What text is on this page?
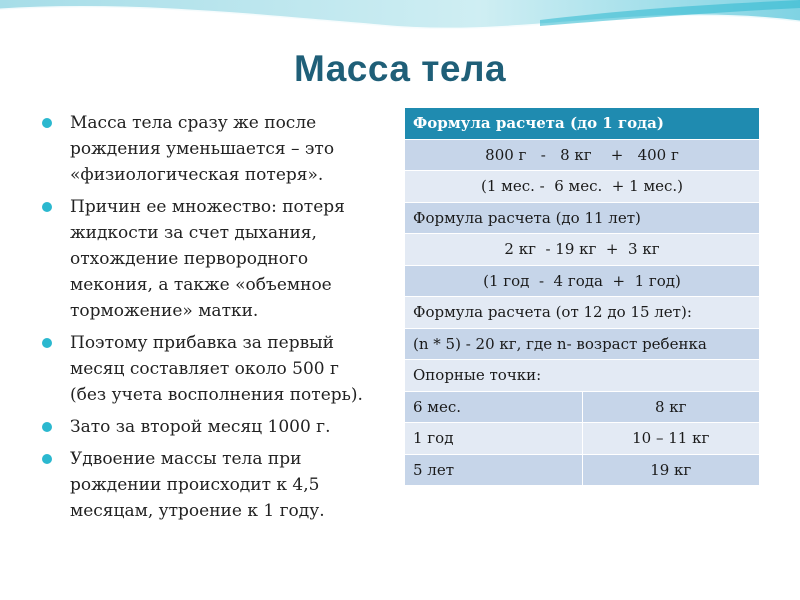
Масса тела
Масса тела сразу же после рождения уменьшается – это «физиологическая потеря».
Причин ее множество: потеря жидкости за счет дыхания, отхождение первородного мекония, а также «объемное торможение» матки.
Поэтому прибавка за первый месяц составляет около 500 г (без учета восполнения потерь).
Зато за второй месяц 1000 г.
Удвоение массы тела при рождении происходит к 4,5 месяцам, утроение к 1 году.
Формула расчета (до 1 года)	
800 г   -   8 кг    +   400 г	
(1 мес. -  6 мес.  + 1 мес.)	
Формула расчета (до 11 лет)	
2 кг  - 19 кг  +  3 кг	
(1 год  -  4 года  +  1 год)	
Формула расчета (от 12 до 15 лет):	
(n * 5) - 20 кг, где n- возраст ребенка	
Опорные точки:	
6 мес.	8 кг
1 год	10 – 11 кг
5 лет	19 кг
